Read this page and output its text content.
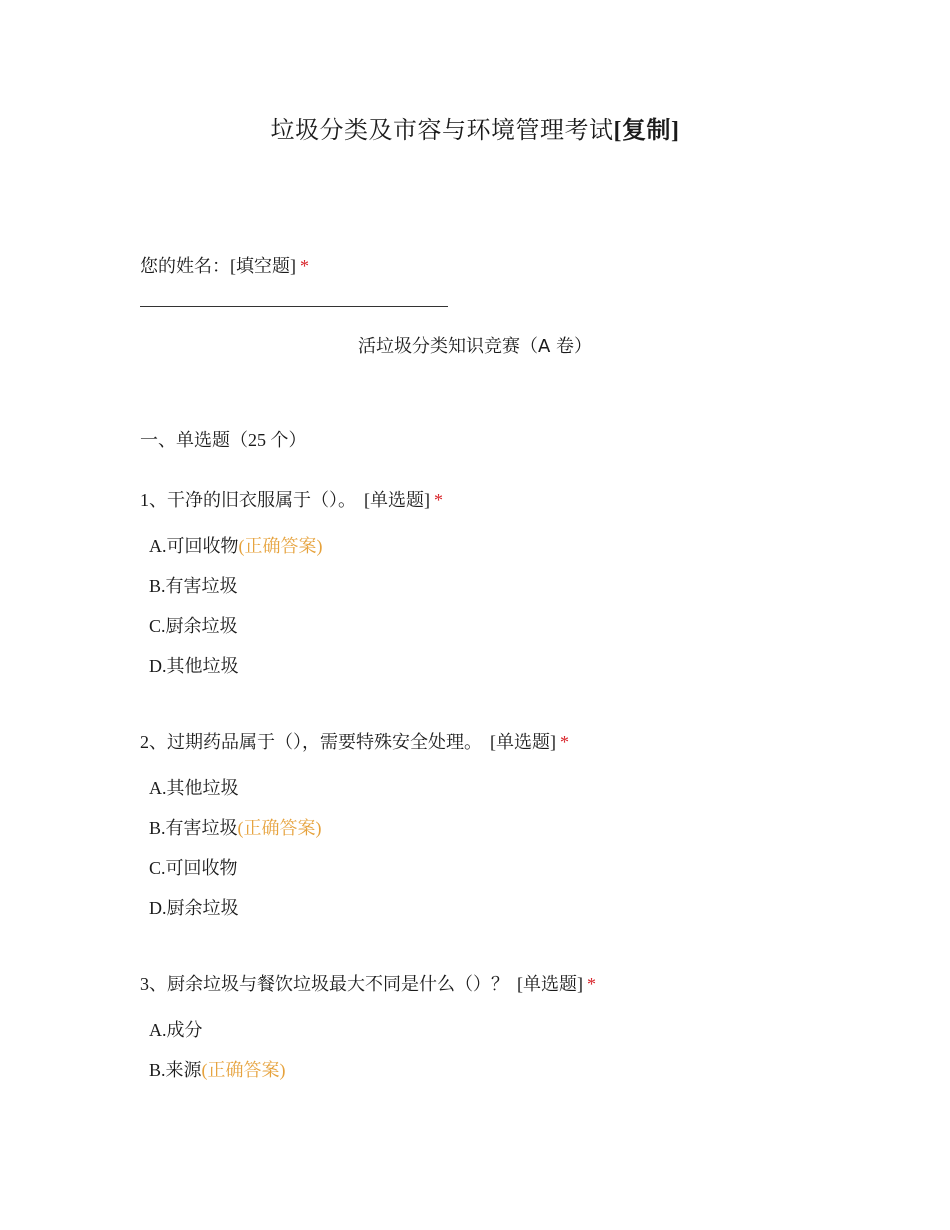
垃圾分类及市容与环境管理考试[复制]
您的姓名：[填空题] *
活垃圾分类知识竞赛（A 卷）
一、单选题（25 个）
1、干净的旧衣服属于（）。 [单选题] *
A.可回收物(正确答案)
B.有害垃圾
C.厨余垃圾
D.其他垃圾
2、过期药品属于（），需要特殊安全处理。 [单选题] *
A.其他垃圾
B.有害垃圾(正确答案)
C.可回收物
D.厨余垃圾
3、厨余垃圾与餐饮垃圾最大不同是什么（）？ [单选题] *
A.成分
B.来源(正确答案)
